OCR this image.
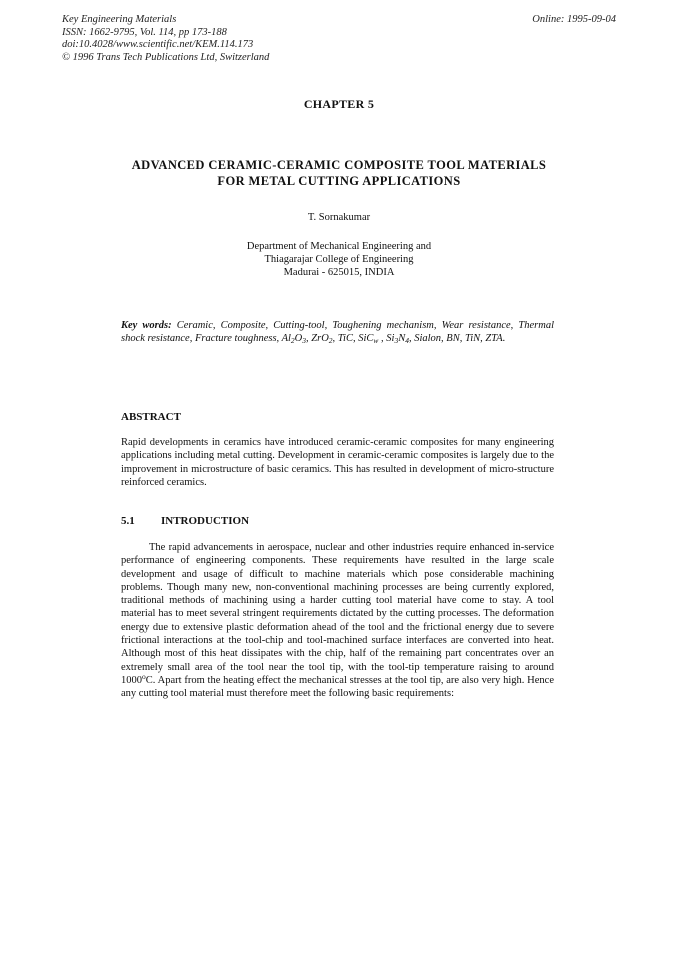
Key Engineering Materials
ISSN: 1662-9795, Vol. 114, pp 173-188
doi:10.4028/www.scientific.net/KEM.114.173
© 1996 Trans Tech Publications Ltd, Switzerland
Online: 1995-09-04
CHAPTER 5
ADVANCED CERAMIC-CERAMIC COMPOSITE TOOL MATERIALS
FOR METAL CUTTING APPLICATIONS
T. Sornakumar
Department of Mechanical Engineering and
Thiagarajar College of Engineering
Madurai - 625015, INDIA
Key words: Ceramic, Composite, Cutting-tool, Toughening mechanism, Wear resistance, Thermal shock resistance, Fracture toughness, $Al_2O_3$, ZrO$_2$, TiC, SiC$_w$ , $Si_3N_4$, Sialon, BN, TiN, ZTA.
ABSTRACT
Rapid developments in ceramics have introduced ceramic-ceramic composites for many engineering applications including metal cutting. Development in ceramic-ceramic composites is largely due to the improvement in microstructure of basic ceramics. This has resulted in development of micro-structure reinforced ceramics.
5.1 INTRODUCTION

The rapid advancements in aerospace, nuclear and other industries require enhanced in-service performance of engineering components. These requirements have resulted in the large scale development and usage of difficult to machine materials which pose considerable machining problems. Though many new, non-conventional machining processes are being currently explored, traditional methods of machining using a harder cutting tool material have come to stay. A tool material has to meet several stringent requirements dictated by the cutting processes. The deformation energy due to extensive plastic deformation ahead of the tool and the frictional energy due to severe frictional interactions at the tool-chip and tool-machined surface interfaces are converted into heat. Although most of this heat dissipates with the chip, half of the remaining part concentrates over an extremely small area of the tool near the tool tip, with the tool-tip temperature raising to around 1000$^o$C. Apart from the heating effect the mechanical stresses at the tool tip, are also very high. Hence any cutting tool material must therefore meet the following basic requirements:
